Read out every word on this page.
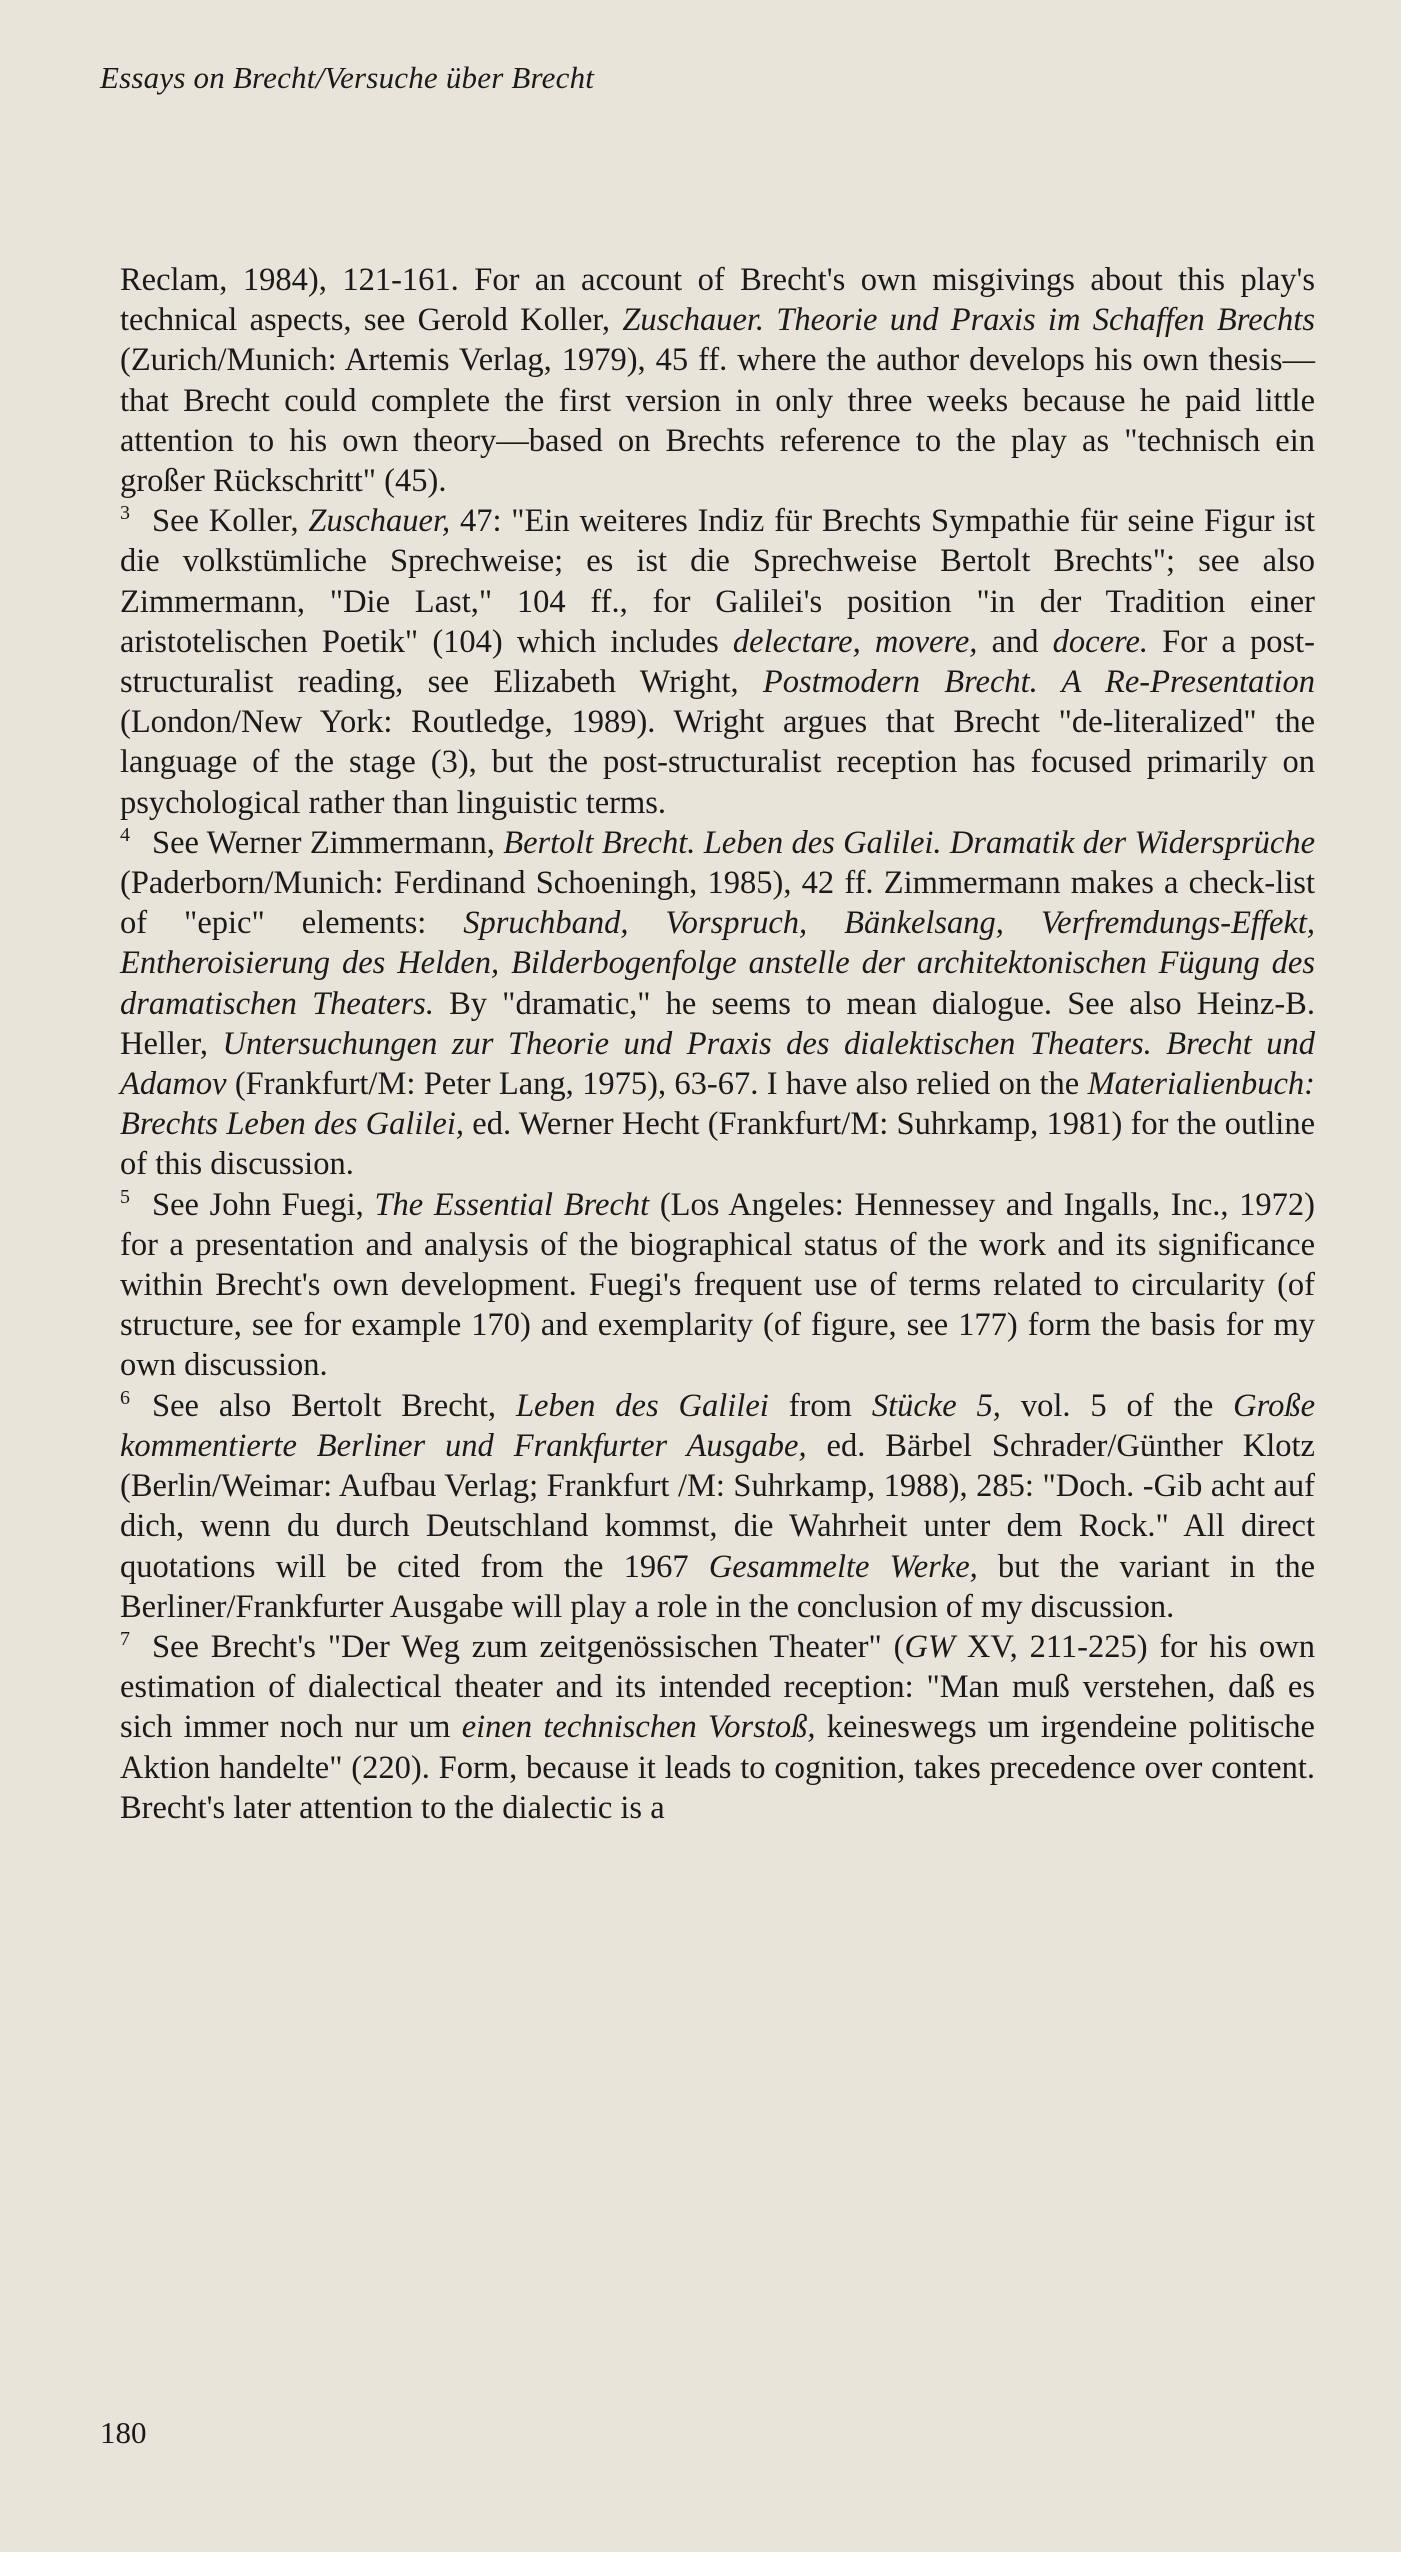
Essays on Brecht/Versuche über Brecht

Reclam, 1984), 121-161. For an account of Brecht's own misgivings about this play's technical aspects, see Gerold Koller, Zuschauer. Theorie und Praxis im Schaffen Brechts (Zurich/Munich: Artemis Verlag, 1979), 45 ff. where the author develops his own thesis—that Brecht could complete the first version in only three weeks because he paid little attention to his own theory—based on Brechts reference to the play as "technisch ein großer Rückschritt" (45).

$^3$ See Koller, Zuschauer, 47: "Ein weiteres Indiz für Brechts Sympathie für seine Figur ist die volkstümliche Sprechweise; es ist die Sprechweise Bertolt Brechts"; see also Zimmermann, "Die Last," 104 ff., for Galilei's position "in der Tradition einer aristotelischen Poetik" (104) which includes delectare, movere, and docere. For a post-structuralist reading, see Elizabeth Wright, Postmodern Brecht. A Re-Presentation (London/New York: Routledge, 1989). Wright argues that Brecht "de-literalized" the language of the stage (3), but the post-structuralist reception has focused primarily on psychological rather than linguistic terms.

$^4$ See Werner Zimmermann, Bertolt Brecht. Leben des Galilei. Dramatik der Widersprüche (Paderborn/Munich: Ferdinand Schoeningh, 1985), 42 ff. Zimmermann makes a check-list of "epic" elements: Spruchband, Vorspruch, Bänkelsang, Verfremdungs-Effekt, Entheroisierung des Helden, Bilderbogenfolge anstelle der architektonischen Fügung des dramatischen Theaters. By "dramatic," he seems to mean dialogue. See also Heinz-B. Heller, Untersuchungen zur Theorie und Praxis des dialektischen Theaters. Brecht und Adamov (Frankfurt/M: Peter Lang, 1975), 63-67. I have also relied on the Materialienbuch: Brechts Leben des Galilei, ed. Werner Hecht (Frankfurt/M: Suhrkamp, 1981) for the outline of this discussion.

$^5$ See John Fuegi, The Essential Brecht (Los Angeles: Hennessey and Ingalls, Inc., 1972) for a presentation and analysis of the biographical status of the work and its significance within Brecht's own development. Fuegi's frequent use of terms related to circularity (of structure, see for example 170) and exemplarity (of figure, see 177) form the basis for my own discussion.

$^6$ See also Bertolt Brecht, Leben des Galilei from Stücke 5, vol. 5 of the Große kommentierte Berliner und Frankfurter Ausgabe, ed. Bärbel Schrader/Günther Klotz (Berlin/Weimar: Aufbau Verlag; Frankfurt /M: Suhrkamp, 1988), 285: "Doch. -Gib acht auf dich, wenn du durch Deutschland kommst, die Wahrheit unter dem Rock." All direct quotations will be cited from the 1967 Gesammelte Werke, but the variant in the Berliner/Frankfurter Ausgabe will play a role in the conclusion of my discussion.

$^7$ See Brecht's "Der Weg zum zeitgenössischen Theater" (GW XV, 211-225) for his own estimation of dialectical theater and its intended reception: "Man muß verstehen, daß es sich immer noch nur um einen technischen Vorstoß, keineswegs um irgendeine politische Aktion handelte" (220). Form, because it leads to cognition, takes precedence over content. Brecht's later attention to the dialectic is a

180
